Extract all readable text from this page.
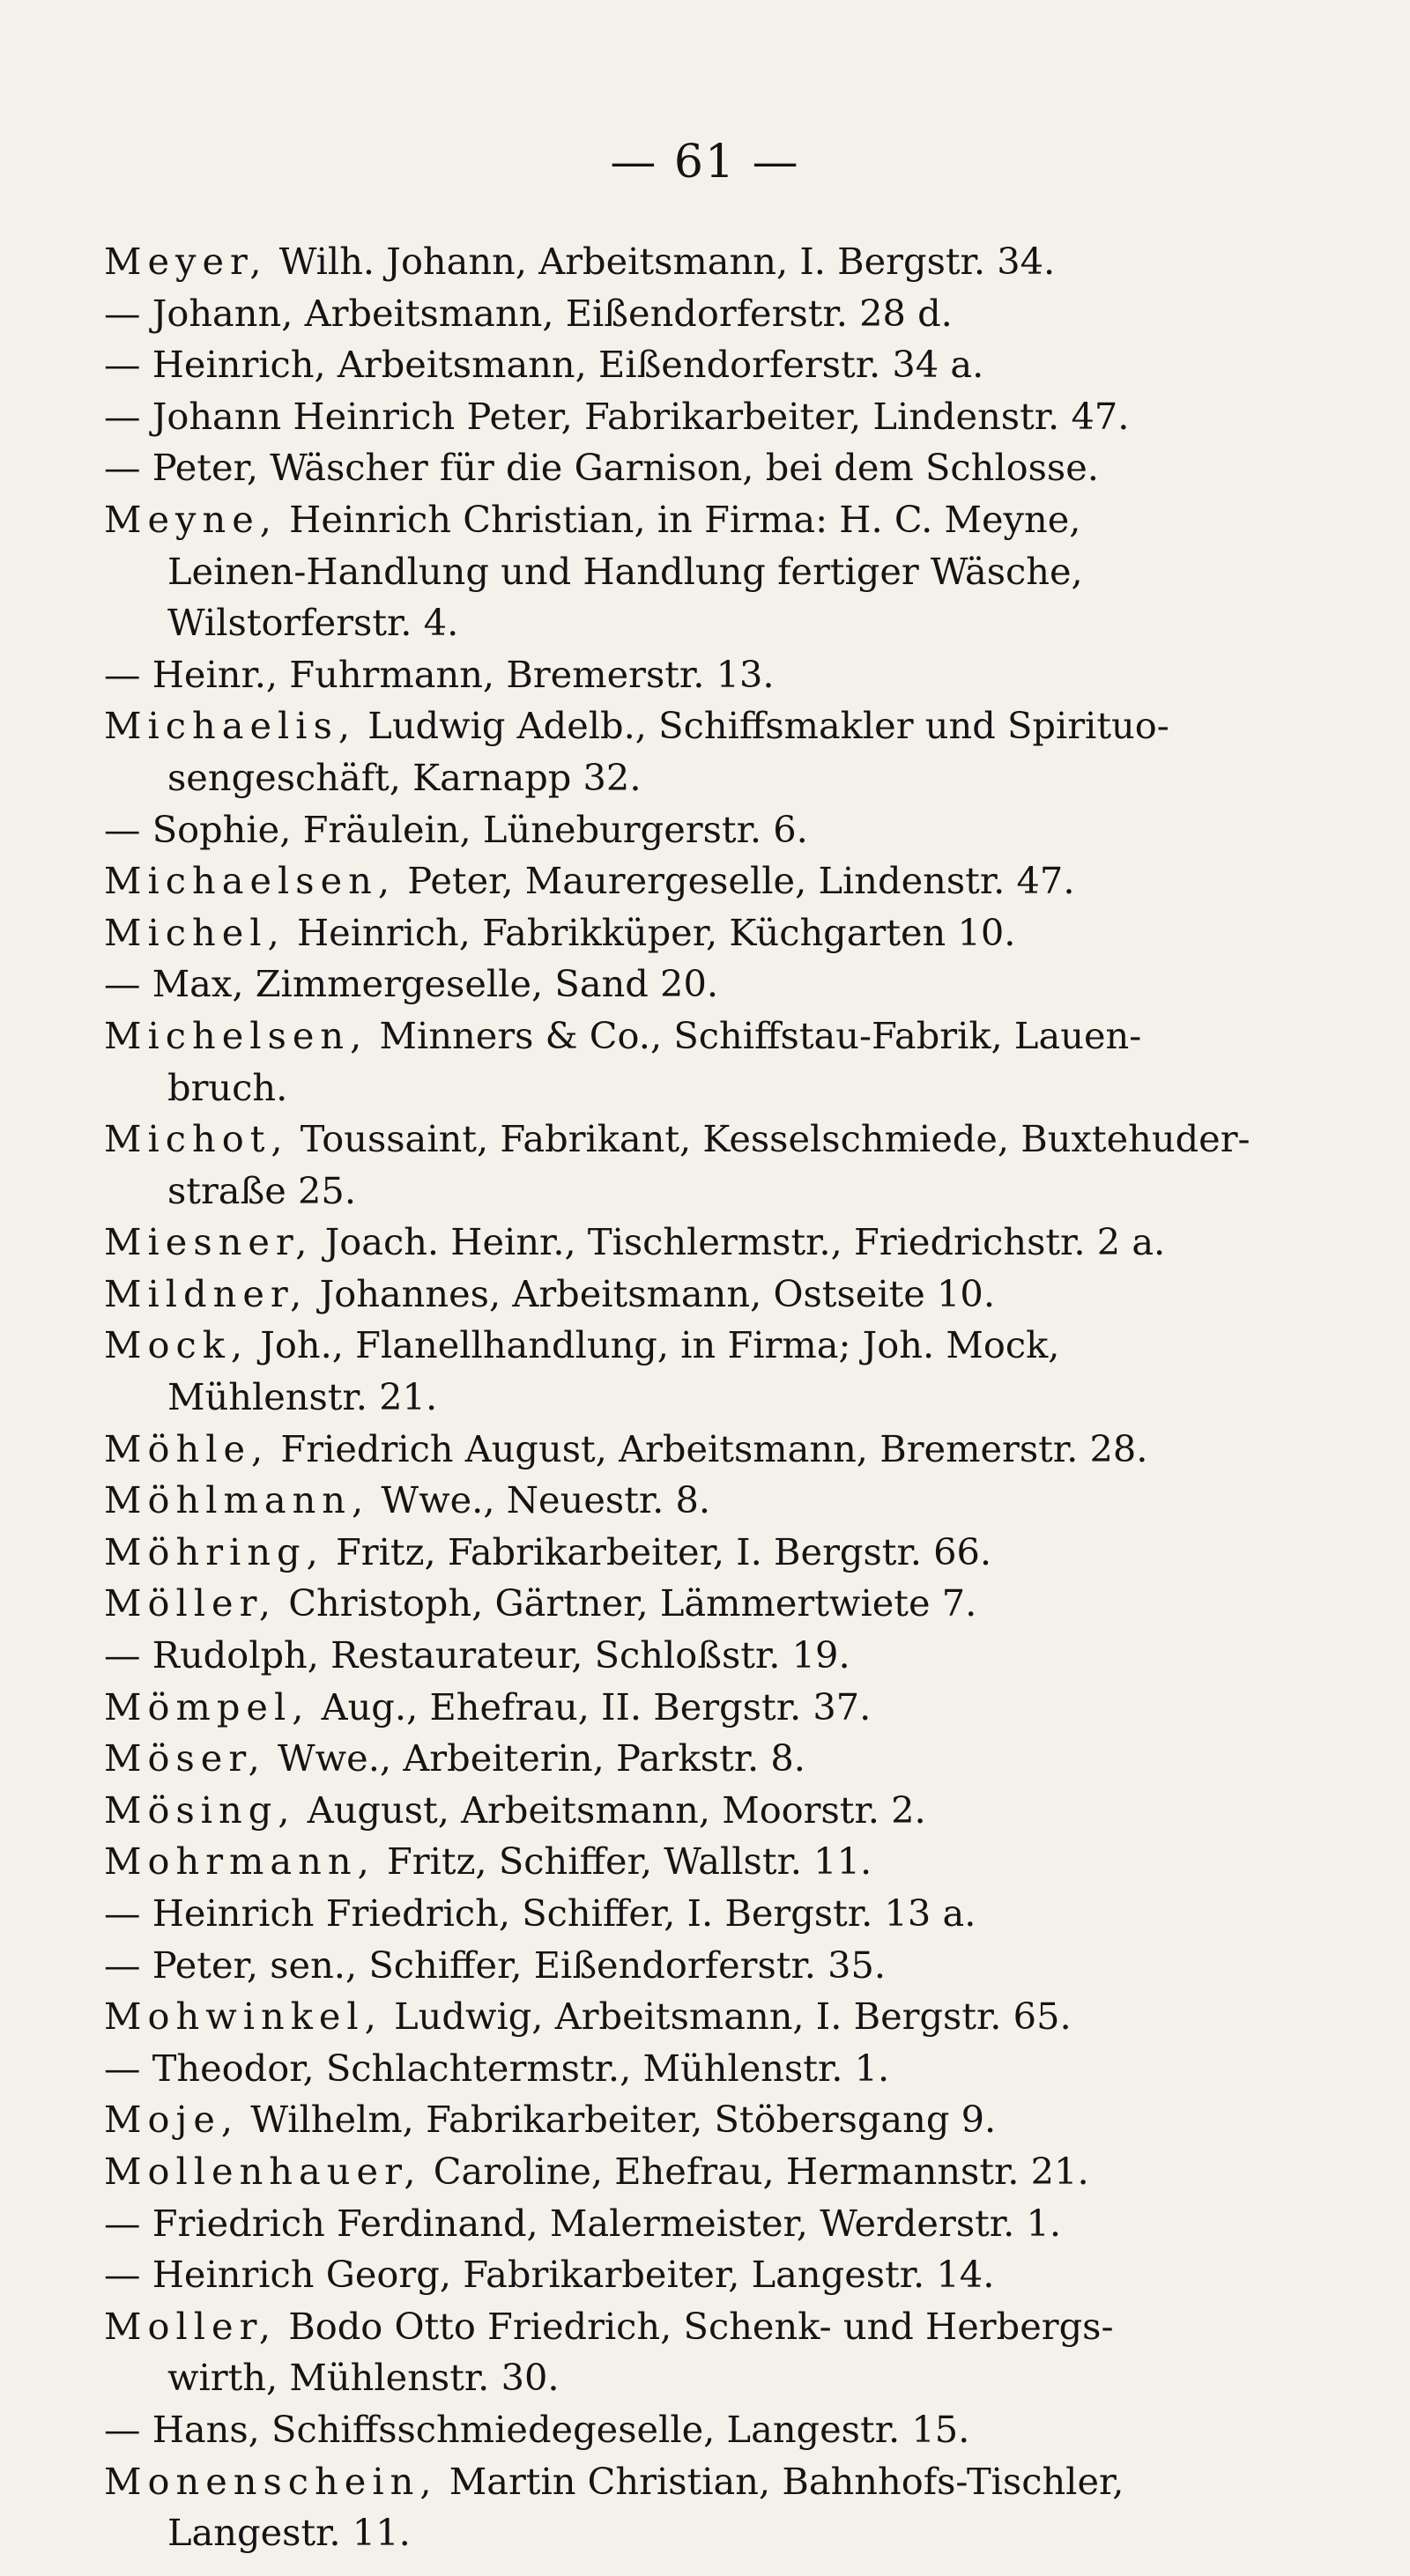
— 61 —
Meyer, Wilh. Johann, Arbeitsmann, I. Bergstr. 34.
— Johann, Arbeitsmann, Eißendorferstr. 28 d.
— Heinrich, Arbeitsmann, Eißendorferstr. 34 a.
— Johann Heinrich Peter, Fabrikarbeiter, Lindenstr. 47.
— Peter, Wäscher für die Garnison, bei dem Schlosse.
Meyne, Heinrich Christian, in Firma: H. C. Meyne,
Leinen-Handlung und Handlung fertiger Wäsche,
Wilstorferstr. 4.
— Heinr., Fuhrmann, Bremerstr. 13.
Michaelis, Ludwig Adelb., Schiffsmakler und Spirituo-
sengeschäft, Karnapp 32.
— Sophie, Fräulein, Lüneburgerstr. 6.
Michaelsen, Peter, Maurergeselle, Lindenstr. 47.
Michel, Heinrich, Fabrikküper, Küchgarten 10.
— Max, Zimmergeselle, Sand 20.
Michelsen, Minners & Co., Schiffstau-Fabrik, Lauen-
bruch.
Michot, Toussaint, Fabrikant, Kesselschmiede, Buxtehuder-
straße 25.
Miesner, Joach. Heinr., Tischlermstr., Friedrichstr. 2 a.
Mildner, Johannes, Arbeitsmann, Ostseite 10.
Mock, Joh., Flanellhandlung, in Firma; Joh. Mock,
Mühlenstr. 21.
Möhle, Friedrich August, Arbeitsmann, Bremerstr. 28.
Möhlmann, Wwe., Neuestr. 8.
Möhring, Fritz, Fabrikarbeiter, I. Bergstr. 66.
Möller, Christoph, Gärtner, Lämmertwiete 7.
— Rudolph, Restaurateur, Schloßstr. 19.
Mömpel, Aug., Ehefrau, II. Bergstr. 37.
Möser, Wwe., Arbeiterin, Parkstr. 8.
Mösing, August, Arbeitsmann, Moorstr. 2.
Mohrmann, Fritz, Schiffer, Wallstr. 11.
— Heinrich Friedrich, Schiffer, I. Bergstr. 13 a.
— Peter, sen., Schiffer, Eißendorferstr. 35.
Mohwinkel, Ludwig, Arbeitsmann, I. Bergstr. 65.
— Theodor, Schlachtermstr., Mühlenstr. 1.
Moje, Wilhelm, Fabrikarbeiter, Stöbersgang 9.
Mollenhauer, Caroline, Ehefrau, Hermannstr. 21.
— Friedrich Ferdinand, Malermeister, Werderstr. 1.
— Heinrich Georg, Fabrikarbeiter, Langestr. 14.
Moller, Bodo Otto Friedrich, Schenk- und Herbergs-
wirth, Mühlenstr. 30.
— Hans, Schiffsschmiedegeselle, Langestr. 15.
Monenschein, Martin Christian, Bahnhofs-Tischler,
Langestr. 11.
